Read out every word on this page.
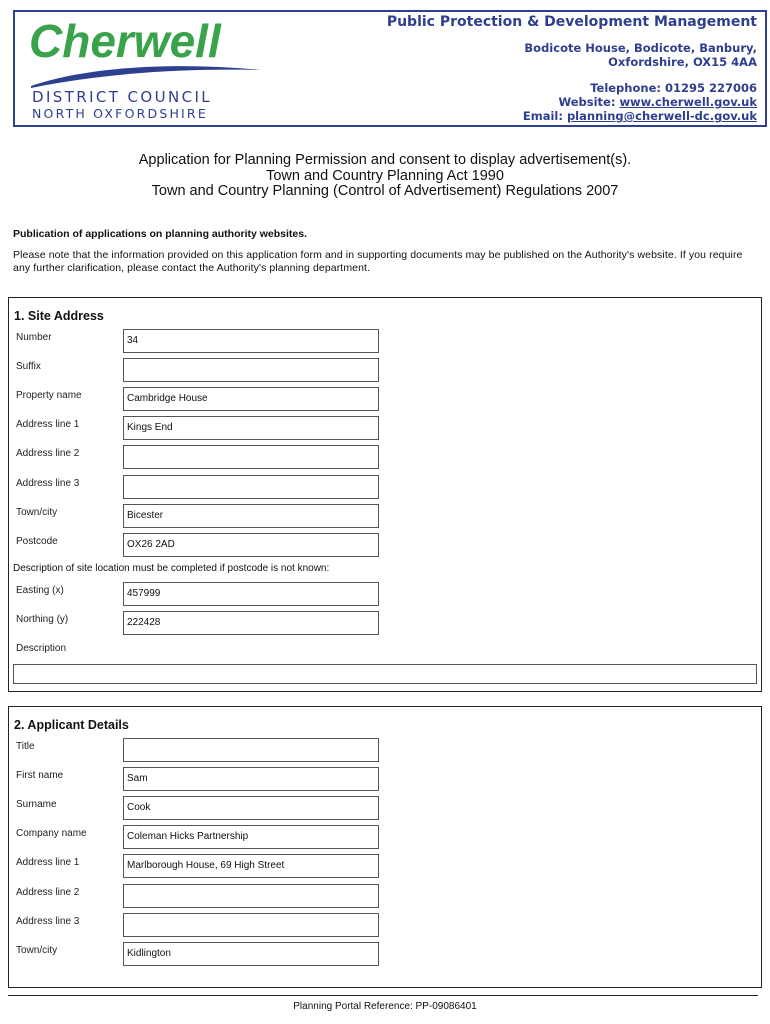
Cherwell
DISTRICT COUNCIL
NORTH OXFORDSHIRE
Public Protection & Development Management
Bodicote House, Bodicote, Banbury,
Oxfordshire, OX15 4AA
Telephone: 01295 227006
Website: www.cherwell.gov.uk
Email: planning@cherwell-dc.gov.uk
Application for Planning Permission and consent to display advertisement(s).
Town and Country Planning Act 1990
Town and Country Planning (Control of Advertisement) Regulations 2007
Publication of applications on planning authority websites.
Please note that the information provided on this application form and in supporting documents may be published on the Authority's website. If you require any further clarification, please contact the Authority's planning department.
1. Site Address
Number	34
Suffix
Property name	Cambridge House
Address line 1	Kings End
Address line 2
Address line 3
Town/city	Bicester
Postcode	OX26 2AD
Description of site location must be completed if postcode is not known:
Easting (x)	457999
Northing (y)	222428
Description
2. Applicant Details
Title
First name	Sam
Surname	Cook
Company name	Coleman Hicks Partnership
Address line 1	Marlborough House, 69 High Street
Address line 2
Address line 3
Town/city	Kidlington
Planning Portal Reference: PP-09086401
